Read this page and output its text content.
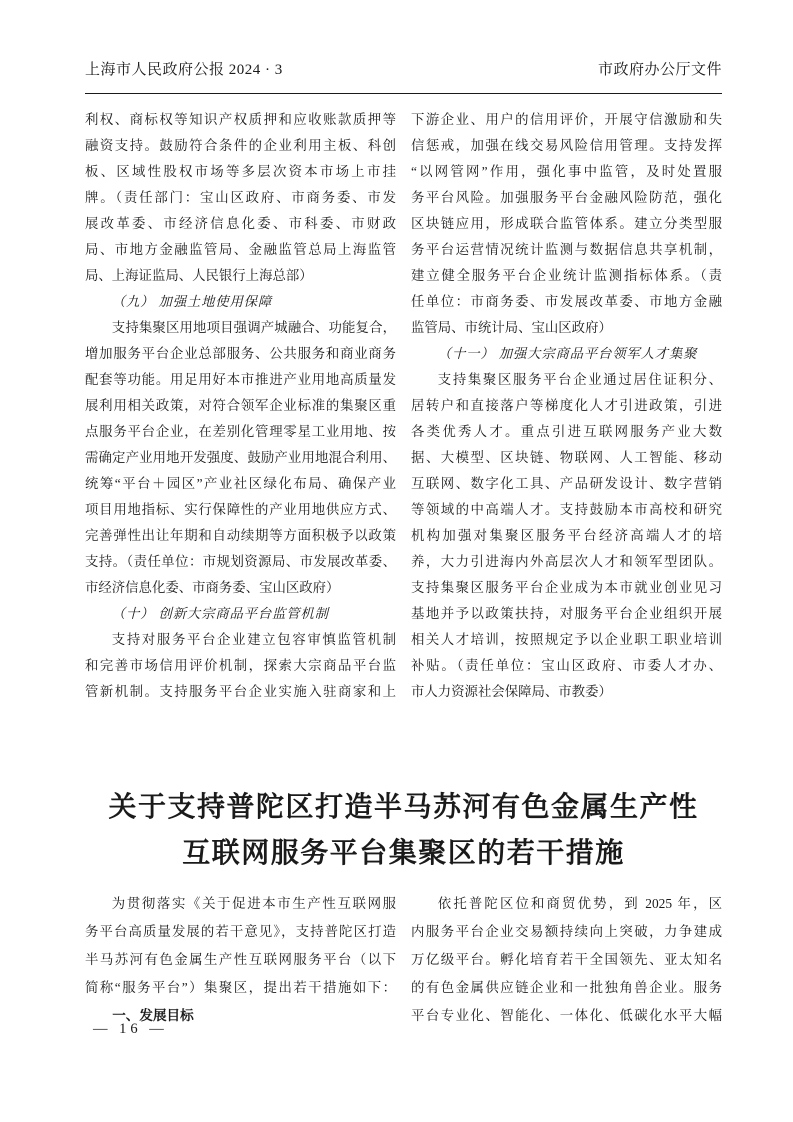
上海市人民政府公报 2024 · 3	市政府办公厅文件
利权、商标权等知识产权质押和应收账款质押等
融资支持。鼓励符合条件的企业利用主板、科创
板、区域性股权市场等多层次资本市场上市挂
牌。（责任部门：宝山区政府、市商务委、市发
展改革委、市经济信息化委、市科委、市财政
局、市地方金融监管局、金融监管总局上海监管
局、上海证监局、人民银行上海总部）
（九） 加强土地使用保障
支持集聚区用地项目强调产城融合、功能复合，
增加服务平台企业总部服务、公共服务和商业商务
配套等功能。用足用好本市推进产业用地高质量发
展利用相关政策，对符合领军企业标准的集聚区重
点服务平台企业，在差别化管理零星工业用地、按
需确定产业用地开发强度、鼓励产业用地混合利用、
统筹“平台＋园区”产业社区绿化布局、确保产业
项目用地指标、实行保障性的产业用地供应方式、
完善弹性出让年期和自动续期等方面积极予以政策
支持。（责任单位：市规划资源局、市发展改革委、
市经济信息化委、市商务委、宝山区政府）
（十） 创新大宗商品平台监管机制
支持对服务平台企业建立包容审慎监管机制
和完善市场信用评价机制，探索大宗商品平台监
管新机制。支持服务平台企业实施入驻商家和上
下游企业、用户的信用评价，开展守信激励和失
信惩戒，加强在线交易风险信用管理。支持发挥
“以网管网”作用，强化事中监管，及时处置服
务平台风险。加强服务平台金融风险防范，强化
区块链应用，形成联合监管体系。建立分类型服
务平台运营情况统计监测与数据信息共享机制，
建立健全服务平台企业统计监测指标体系。（责
任单位：市商务委、市发展改革委、市地方金融
监管局、市统计局、宝山区政府）
（十一） 加强大宗商品平台领军人才集聚
支持集聚区服务平台企业通过居住证积分、
居转户和直接落户等梯度化人才引进政策，引进
各类优秀人才。重点引进互联网服务产业大数
据、大模型、区块链、物联网、人工智能、移动
互联网、数字化工具、产品研发设计、数字营销
等领域的中高端人才。支持鼓励本市高校和研究
机构加强对集聚区服务平台经济高端人才的培
养，大力引进海内外高层次人才和领军型团队。
支持集聚区服务平台企业成为本市就业创业见习
基地并予以政策扶持，对服务平台企业组织开展
相关人才培训，按照规定予以企业职工职业培训
补贴。（责任单位：宝山区政府、市委人才办、
市人力资源社会保障局、市教委）
关于支持普陀区打造半马苏河有色金属生产性
互联网服务平台集聚区的若干措施
为贯彻落实《关于促进本市生产性互联网服
务平台高质量发展的若干意见》，支持普陀区打造
半马苏河有色金属生产性互联网服务平台（以下
简称“服务平台”）集聚区，提出若干措施如下：
一、发展目标
依托普陀区位和商贸优势，到 2025 年，区
内服务平台企业交易额持续向上突破，力争建成
万亿级平台。孵化培育若干全国领先、亚太知名
的有色金属供应链企业和一批独角兽企业。服务
平台专业化、智能化、一体化、低碳化水平大幅
— 16 —
